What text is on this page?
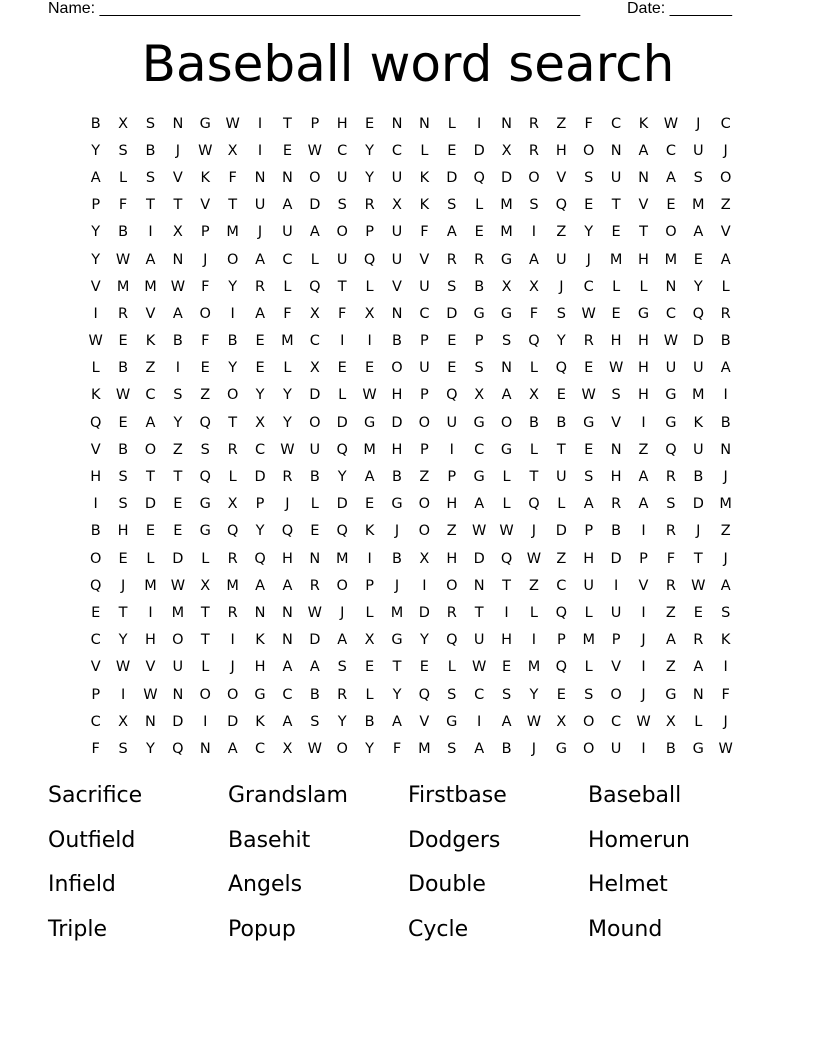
Name: ______________________________________________________	Date: _______
Baseball word search
B	X	S	N	G	W	I	T	P	H	E	N	N	L	I	N	R	Z	F	C	K	W	J	C
Y	S	B	J	W	X	I	E	W	C	Y	C	L	E	D	X	R	H	O	N	A	C	U	J
A	L	S	V	K	F	N	N	O	U	Y	U	K	D	Q	D	O	V	S	U	N	A	S	O
P	F	T	T	V	T	U	A	D	S	R	X	K	S	L	M	S	Q	E	T	V	E	M	Z
Y	B	I	X	P	M	J	U	A	O	P	U	F	A	E	M	I	Z	Y	E	T	O	A	V
Y	W	A	N	J	O	A	C	L	U	Q	U	V	R	R	G	A	U	J	M	H	M	E	A
V	M	M	W	F	Y	R	L	Q	T	L	V	U	S	B	X	X	J	C	L	L	N	Y	L
I	R	V	A	O	I	A	F	X	F	X	N	C	D	G	G	F	S	W	E	G	C	Q	R
W	E	K	B	F	B	E	M	C	I	I	B	P	E	P	S	Q	Y	R	H	H	W	D	B
L	B	Z	I	E	Y	E	L	X	E	E	O	U	E	S	N	L	Q	E	W	H	U	U	A
K	W	C	S	Z	O	Y	Y	D	L	W	H	P	Q	X	A	X	E	W	S	H	G	M	I
Q	E	A	Y	Q	T	X	Y	O	D	G	D	O	U	G	O	B	B	G	V	I	G	K	B
V	B	O	Z	S	R	C	W	U	Q	M	H	P	I	C	G	L	T	E	N	Z	Q	U	N
H	S	T	T	Q	L	D	R	B	Y	A	B	Z	P	G	L	T	U	S	H	A	R	B	J
I	S	D	E	G	X	P	J	L	D	E	G	O	H	A	L	Q	L	A	R	A	S	D	M
B	H	E	E	G	Q	Y	Q	E	Q	K	J	O	Z	W	W	J	D	P	B	I	R	J	Z
O	E	L	D	L	R	Q	H	N	M	I	B	X	H	D	Q	W	Z	H	D	P	F	T	J
Q	J	M	W	X	M	A	A	R	O	P	J	I	O	N	T	Z	C	U	I	V	R	W	A
E	T	I	M	T	R	N	N	W	J	L	M	D	R	T	I	L	Q	L	U	I	Z	E	S
C	Y	H	O	T	I	K	N	D	A	X	G	Y	Q	U	H	I	P	M	P	J	A	R	K
V	W	V	U	L	J	H	A	A	S	E	T	E	L	W	E	M	Q	L	V	I	Z	A	I
P	I	W	N	O	O	G	C	B	R	L	Y	Q	S	C	S	Y	E	S	O	J	G	N	F
C	X	N	D	I	D	K	A	S	Y	B	A	V	G	I	A	W	X	O	C	W	X	L	J
F	S	Y	Q	N	A	C	X	W	O	Y	F	M	S	A	B	J	G	O	U	I	B	G	W
Sacrifice	Grandslam	Firstbase	Baseball
Outfield	Basehit	Dodgers	Homerun
Infield	Angels	Double	Helmet
Triple	Popup	Cycle	Mound
